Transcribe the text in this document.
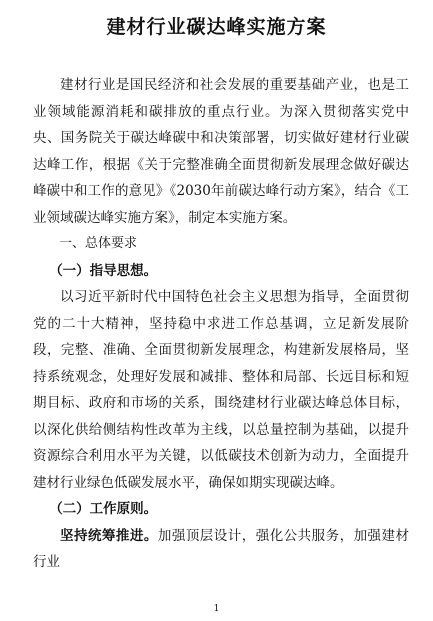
建材行业碳达峰实施方案

建材行业是国民经济和社会发展的重要基础产业，也是工业领域能源消耗和碳排放的重点行业。为深入贯彻落实党中央、国务院关于碳达峰碳中和决策部署，切实做好建材行业碳达峰工作，根据《关于完整准确全面贯彻新发展理念做好碳达峰碳中和工作的意见》《2030年前碳达峰行动方案》，结合《工业领域碳达峰实施方案》，制定本实施方案。

一、总体要求

（一）指导思想。

以习近平新时代中国特色社会主义思想为指导，全面贯彻党的二十大精神，坚持稳中求进工作总基调，立足新发展阶段，完整、准确、全面贯彻新发展理念，构建新发展格局，坚持系统观念，处理好发展和减排、整体和局部、长远目标和短期目标、政府和市场的关系，围绕建材行业碳达峰总体目标，以深化供给侧结构性改革为主线，以总量控制为基础，以提升资源综合利用水平为关键，以低碳技术创新为动力，全面提升建材行业绿色低碳发展水平，确保如期实现碳达峰。

（二）工作原则。

坚持统筹推进。加强顶层设计，强化公共服务，加强建材行业

1
